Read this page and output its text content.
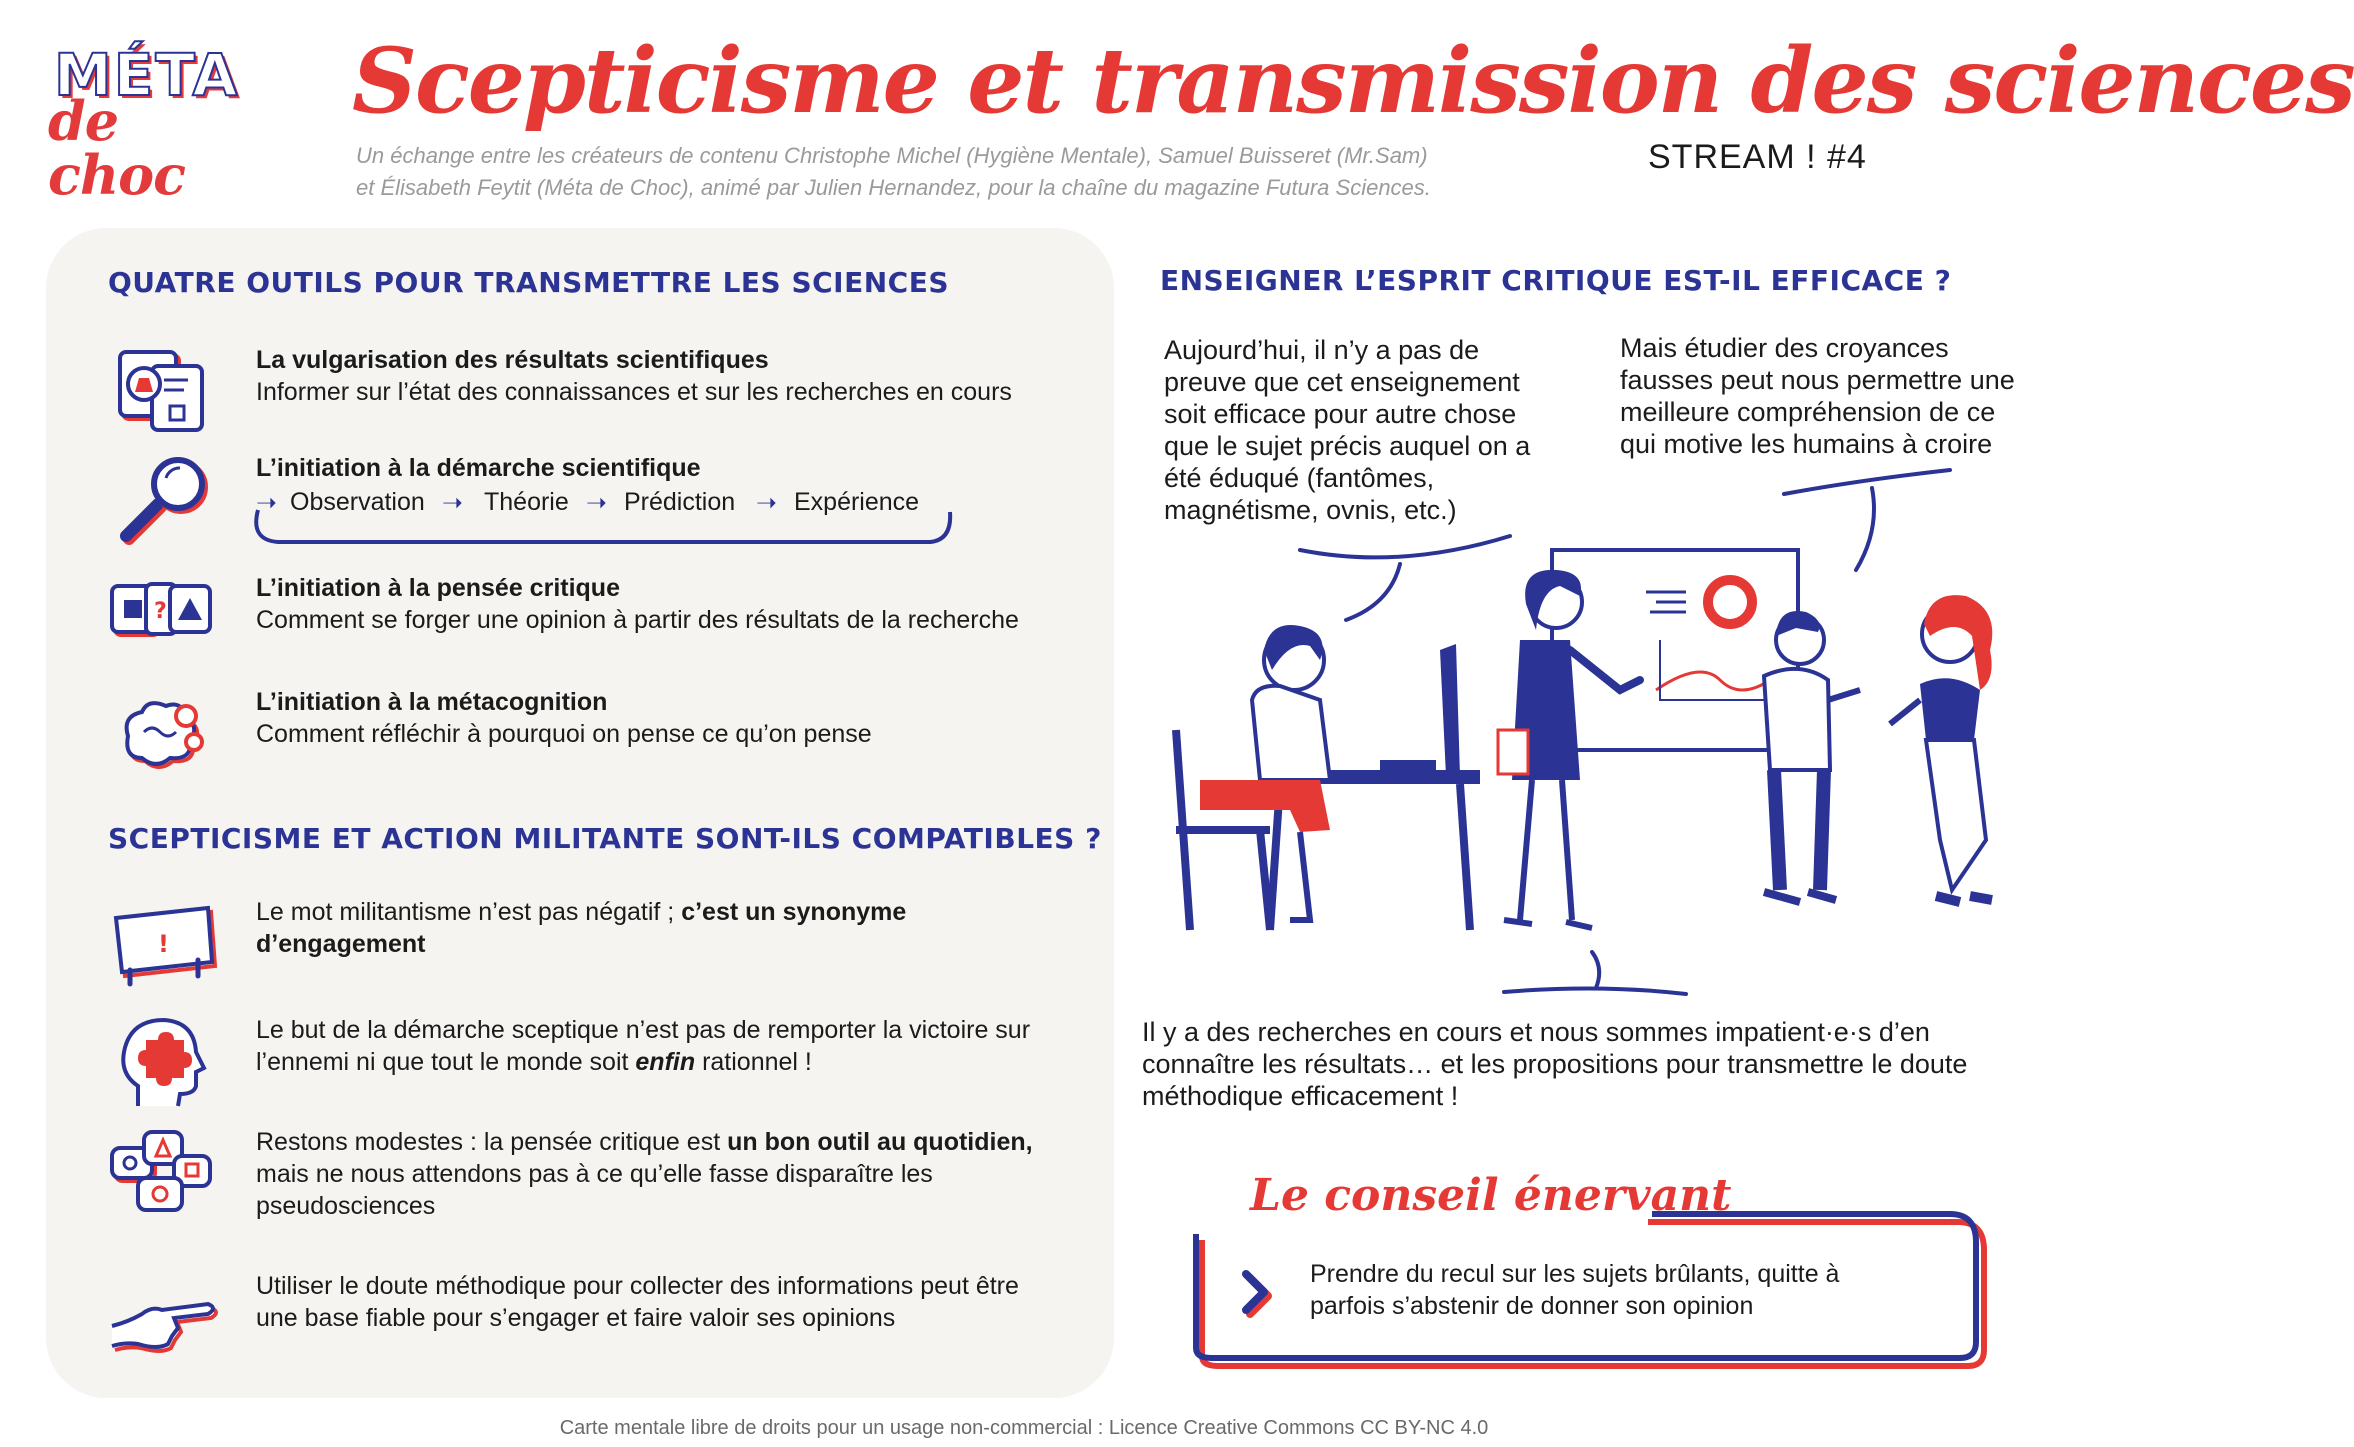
MÉTA
de choc
Scepticisme et transmission des sciences
Un échange entre les créateurs de contenu Christophe Michel (Hygiène Mentale), Samuel Buisseret (Mr.Sam)
et Élisabeth Feytit (Méta de Choc), animé par Julien Hernandez, pour la chaîne du magazine Futura Sciences.
STREAM ! #4
QUATRE OUTILS POUR TRANSMETTRE LES SCIENCES
La vulgarisation des résultats scientifiques
Informer sur l’état des connaissances et sur les recherches en cours
L’initiation à la démarche scientifique
➝ Observation ➝ Théorie ➝ Prédiction ➝ Expérience
?
L’initiation à la pensée critique
Comment se forger une opinion à partir des résultats de la recherche
L’initiation à la métacognition
Comment réfléchir à pourquoi on pense ce qu’on pense
SCEPTICISME ET ACTION MILITANTE SONT-ILS COMPATIBLES ?
!
Le mot militantisme n’est pas négatif ; c’est un synonyme d’engagement
Le but de la démarche sceptique n’est pas de remporter la victoire sur l’ennemi ni que tout le monde soit enfin rationnel !
Restons modestes : la pensée critique est un bon outil au quotidien, mais ne nous attendons pas à ce qu’elle fasse disparaître les pseudosciences
Utiliser le doute méthodique pour collecter des informations peut être une base fiable pour s’engager et faire valoir ses opinions
ENSEIGNER L’ESPRIT CRITIQUE EST-IL EFFICACE ?
Aujourd’hui, il n’y a pas de preuve que cet enseignement soit efficace pour autre chose que le sujet précis auquel on a été éduqué (fantômes, magnétisme, ovnis, etc.)
Mais étudier des croyances fausses peut nous permettre une meilleure compréhension de ce qui motive les humains à croire
Il y a des recherches en cours et nous sommes impatient·e·s d’en connaître les résultats… et les propositions pour transmettre le doute méthodique efficacement !
Le conseil énervant
Prendre du recul sur les sujets brûlants, quitte à parfois s’abstenir de donner son opinion
Carte mentale libre de droits pour un usage non-commercial : Licence Creative Commons CC BY-NC 4.0
